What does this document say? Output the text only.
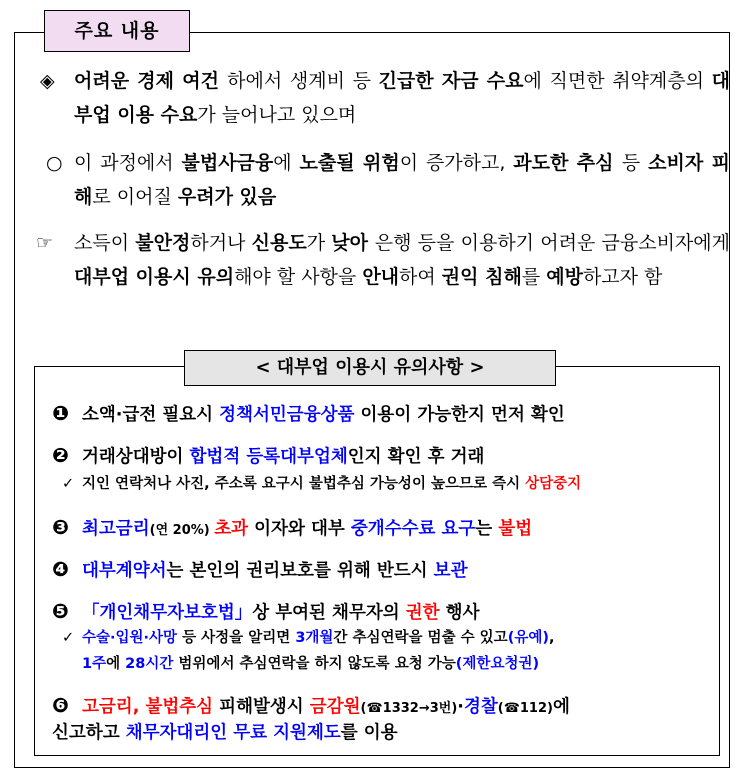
주요 내용
◈ 어려운 경제 여건 하에서 생계비 등 긴급한 자금 수요에 직면한 취약계층의 대부업 이용 수요가 늘어나고 있으며
○ 이 과정에서 불법사금융에 노출될 위험이 증가하고, 과도한 추심 등 소비자 피해로 이어질 우려가 있음
☞ 소득이 불안정하거나 신용도가 낮아 은행 등을 이용하기 어려운 금융소비자에게 대부업 이용시 유의해야 할 사항을 안내하여 권익 침해를 예방하고자 함
< 대부업 이용시 유의사항 >
❶ 소액·급전 필요시 정책서민금융상품 이용이 가능한지 먼저 확인
❷ 거래상대방이 합법적 등록대부업체인지 확인 후 거래
✓ 지인 연락처나 사진, 주소록 요구시 불법추심 가능성이 높으므로 즉시 상담중지
❸ 최고금리(연 20%) 초과 이자와 대부 중개수수료 요구는 불법
❹ 대부계약서는 본인의 권리보호를 위해 반드시 보관
❺ 「개인채무자보호법」상 부여된 채무자의 권한 행사
✓ 수술·입원·사망 등 사정을 알리면 3개월간 추심연락을 멈출 수 있고(유예),
1주에 28시간 범위에서 추심연락을 하지 않도록 요청 가능(제한요청권)
❻ 고금리, 불법추심 피해발생시 금감원(☎1332→3번)·경찰(☎112)에
신고하고 채무자대리인 무료 지원제도를 이용
